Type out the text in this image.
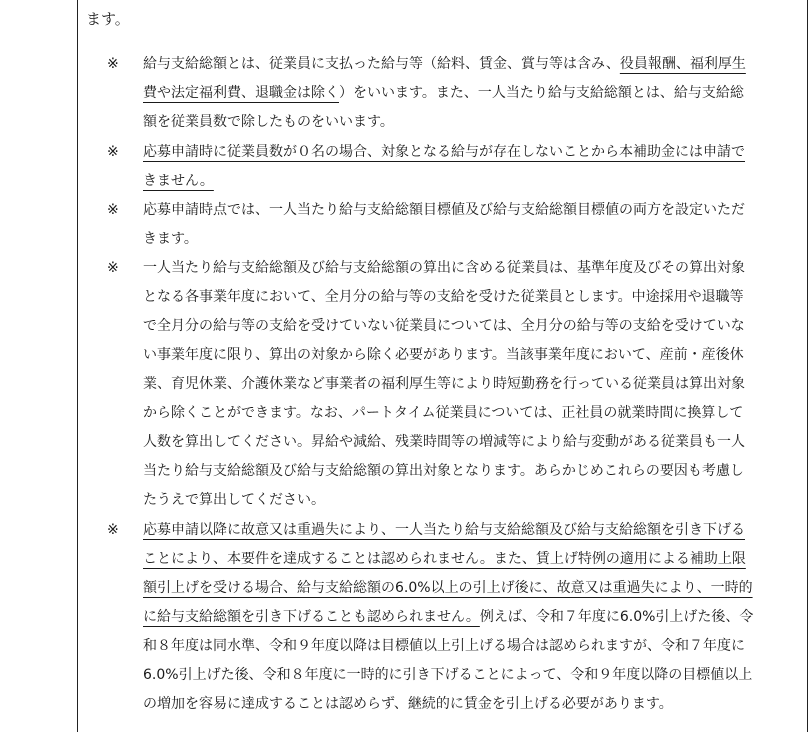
ます。
※ 給与支給総額とは、従業員に支払った給与等（給料、賃金、賞与等は含み、役員報酬、福利厚生
費や法定福利費、退職金は除く）をいいます。また、一人当たり給与支給総額とは、給与支給総
額を従業員数で除したものをいいます。
※ 応募申請時に従業員数が０名の場合、対象となる給与が存在しないことから本補助金には申請で
きません。
※ 応募申請時点では、一人当たり給与支給総額目標値及び給与支給総額目標値の両方を設定いただ
きます。
※ 一人当たり給与支給総額及び給与支給総額の算出に含める従業員は、基準年度及びその算出対象
となる各事業年度において、全月分の給与等の支給を受けた従業員とします。中途採用や退職等
で全月分の給与等の支給を受けていない従業員については、全月分の給与等の支給を受けていな
い事業年度に限り、算出の対象から除く必要があります。当該事業年度において、産前・産後休
業、育児休業、介護休業など事業者の福利厚生等により時短勤務を行っている従業員は算出対象
から除くことができます。なお、パートタイム従業員については、正社員の就業時間に換算して
人数を算出してください。昇給や減給、残業時間等の増減等により給与変動がある従業員も一人
当たり給与支給総額及び給与支給総額の算出対象となります。あらかじめこれらの要因も考慮し
たうえで算出してください。
※ 応募申請以降に故意又は重過失により、一人当たり給与支給総額及び給与支給総額を引き下げる
ことにより、本要件を達成することは認められません。また、賃上げ特例の適用による補助上限
額引上げを受ける場合、給与支給総額の6.0%以上の引上げ後に、故意又は重過失により、一時的
に給与支給総額を引き下げることも認められません。例えば、令和７年度に6.0%引上げた後、令
和８年度は同水準、令和９年度以降は目標値以上引上げる場合は認められますが、令和７年度に
6.0%引上げた後、令和８年度に一時的に引き下げることによって、令和９年度以降の目標値以上
の増加を容易に達成することは認めらず、継続的に賃金を引上げる必要があります。
